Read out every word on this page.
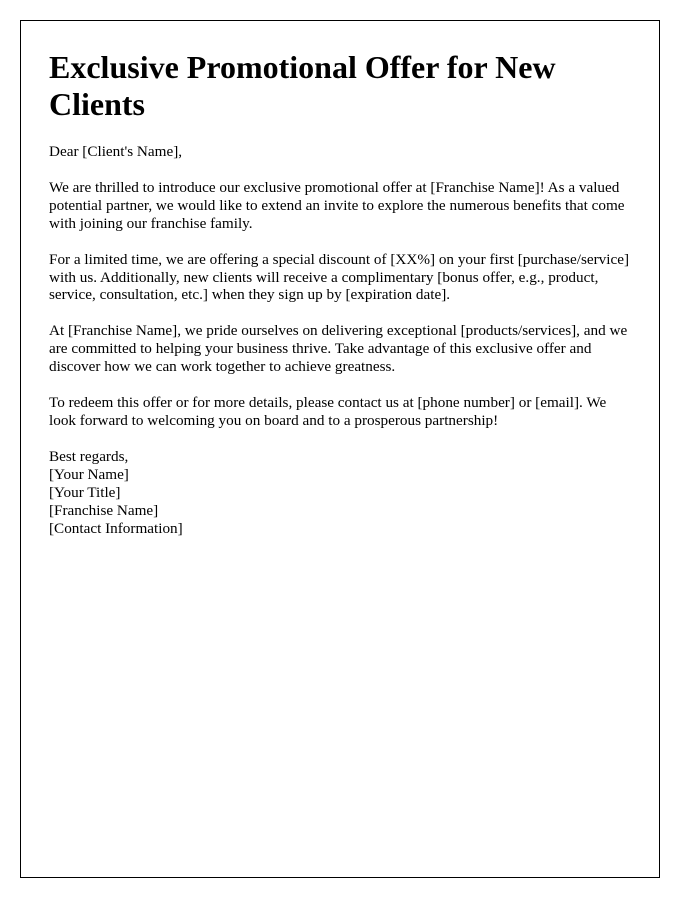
Exclusive Promotional Offer for New Clients

Dear [Client's Name],

We are thrilled to introduce our exclusive promotional offer at [Franchise Name]! As a valued potential partner, we would like to extend an invite to explore the numerous benefits that come with joining our franchise family.

For a limited time, we are offering a special discount of [XX%] on your first [purchase/service] with us. Additionally, new clients will receive a complimentary [bonus offer, e.g., product, service, consultation, etc.] when they sign up by [expiration date].

At [Franchise Name], we pride ourselves on delivering exceptional [products/services], and we are committed to helping your business thrive. Take advantage of this exclusive offer and discover how we can work together to achieve greatness.

To redeem this offer or for more details, please contact us at [phone number] or [email]. We look forward to welcoming you on board and to a prosperous partnership!

Best regards,
[Your Name]
[Your Title]
[Franchise Name]
[Contact Information]
